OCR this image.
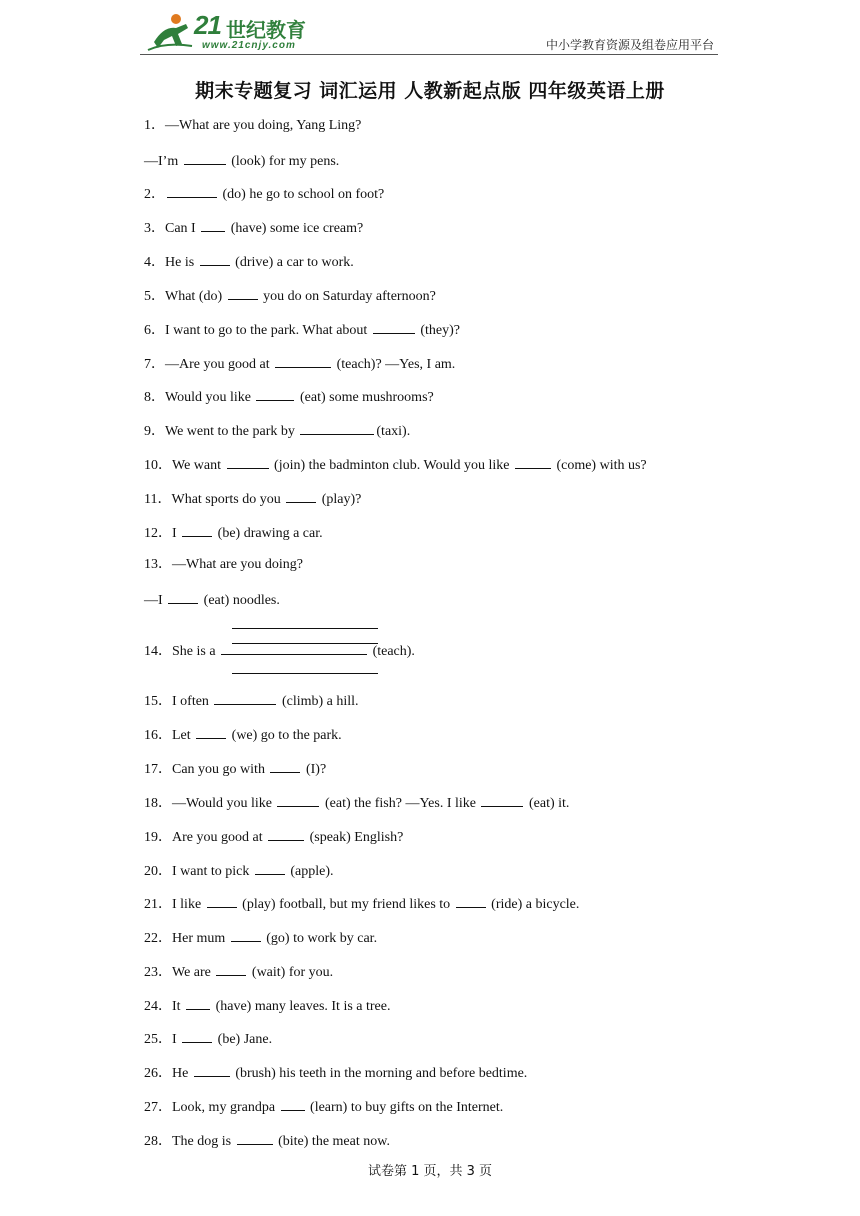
21 世纪教育
www.21cnjy.com	中小学教育资源及组卷应用平台
期末专题复习 词汇运用 人教新起点版 四年级英语上册
1．—What are you doing, Yang Ling?
—I’m	(look) for my pens.
2．	(do) he go to school on foot?
3．Can I  (have) some ice cream?
4．He is  (drive) a car to work.
5．What (do)  you do on Saturday afternoon?
6．I want to go to the park. What about	(they)?
7．—Are you good at	(teach)? —Yes, I am.
8．Would you like	(eat) some mushrooms?
9．We went to the park by	(taxi).
10．We want	(join) the badminton club. Would you like	(come) with us?
11．What sports do you  (play)?
12．I  (be) drawing a car.
13．—What are you doing?
—I  (eat) noodles.
14．She is a	(teach).
15．I often	(climb) a hill.
16．Let  (we) go to the park.
17．Can you go with  (I)?
18．—Would you like	(eat) the fish? —Yes. I like	(eat) it.
19．Are you good at	(speak) English?
20．I want to pick  (apple).
21．I like  (play) football, but my friend likes to  (ride) a bicycle.
22．Her mum  (go) to work by car.
23．We are  (wait) for you.
24．It  (have) many leaves. It is a tree.
25．I  (be) Jane.
26．He	(brush) his teeth in the morning and before bedtime.
27．Look, my grandpa  (learn) to buy gifts on the Internet.
28．The dog is	(bite) the meat now.
试卷第 1 页，共 3 页
